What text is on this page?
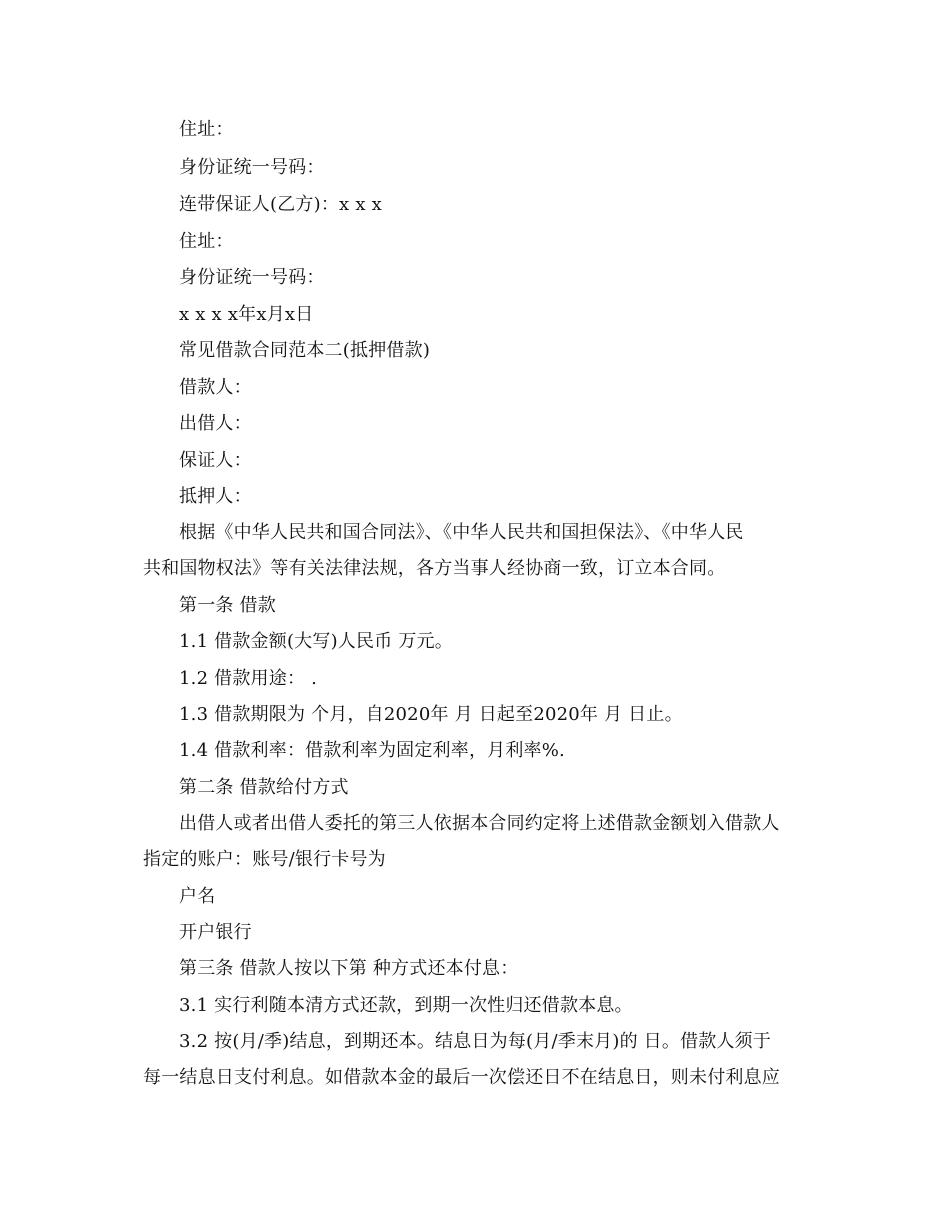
住址：
身份证统一号码：
连带保证人(乙方)：x x x
住址：
身份证统一号码：
x x x x年x月x日
常见借款合同范本二(抵押借款)
借款人：
出借人：
保证人：
抵押人：
根据《中华人民共和国合同法》、《中华人民共和国担保法》、《中华人民
共和国物权法》等有关法律法规，各方当事人经协商一致，订立本合同。
第一条 借款
1.1 借款金额(大写)人民币 万元。
1.2 借款用途： .
1.3 借款期限为 个月，自2020年 月 日起至2020年 月 日止。
1.4 借款利率：借款利率为固定利率，月利率%.
第二条 借款给付方式
出借人或者出借人委托的第三人依据本合同约定将上述借款金额划入借款人
指定的账户：账号/银行卡号为
户名
开户银行
第三条 借款人按以下第 种方式还本付息：
3.1 实行利随本清方式还款，到期一次性归还借款本息。
3.2 按(月/季)结息，到期还本。结息日为每(月/季末月)的 日。借款人须于
每一结息日支付利息。如借款本金的最后一次偿还日不在结息日，则未付利息应
